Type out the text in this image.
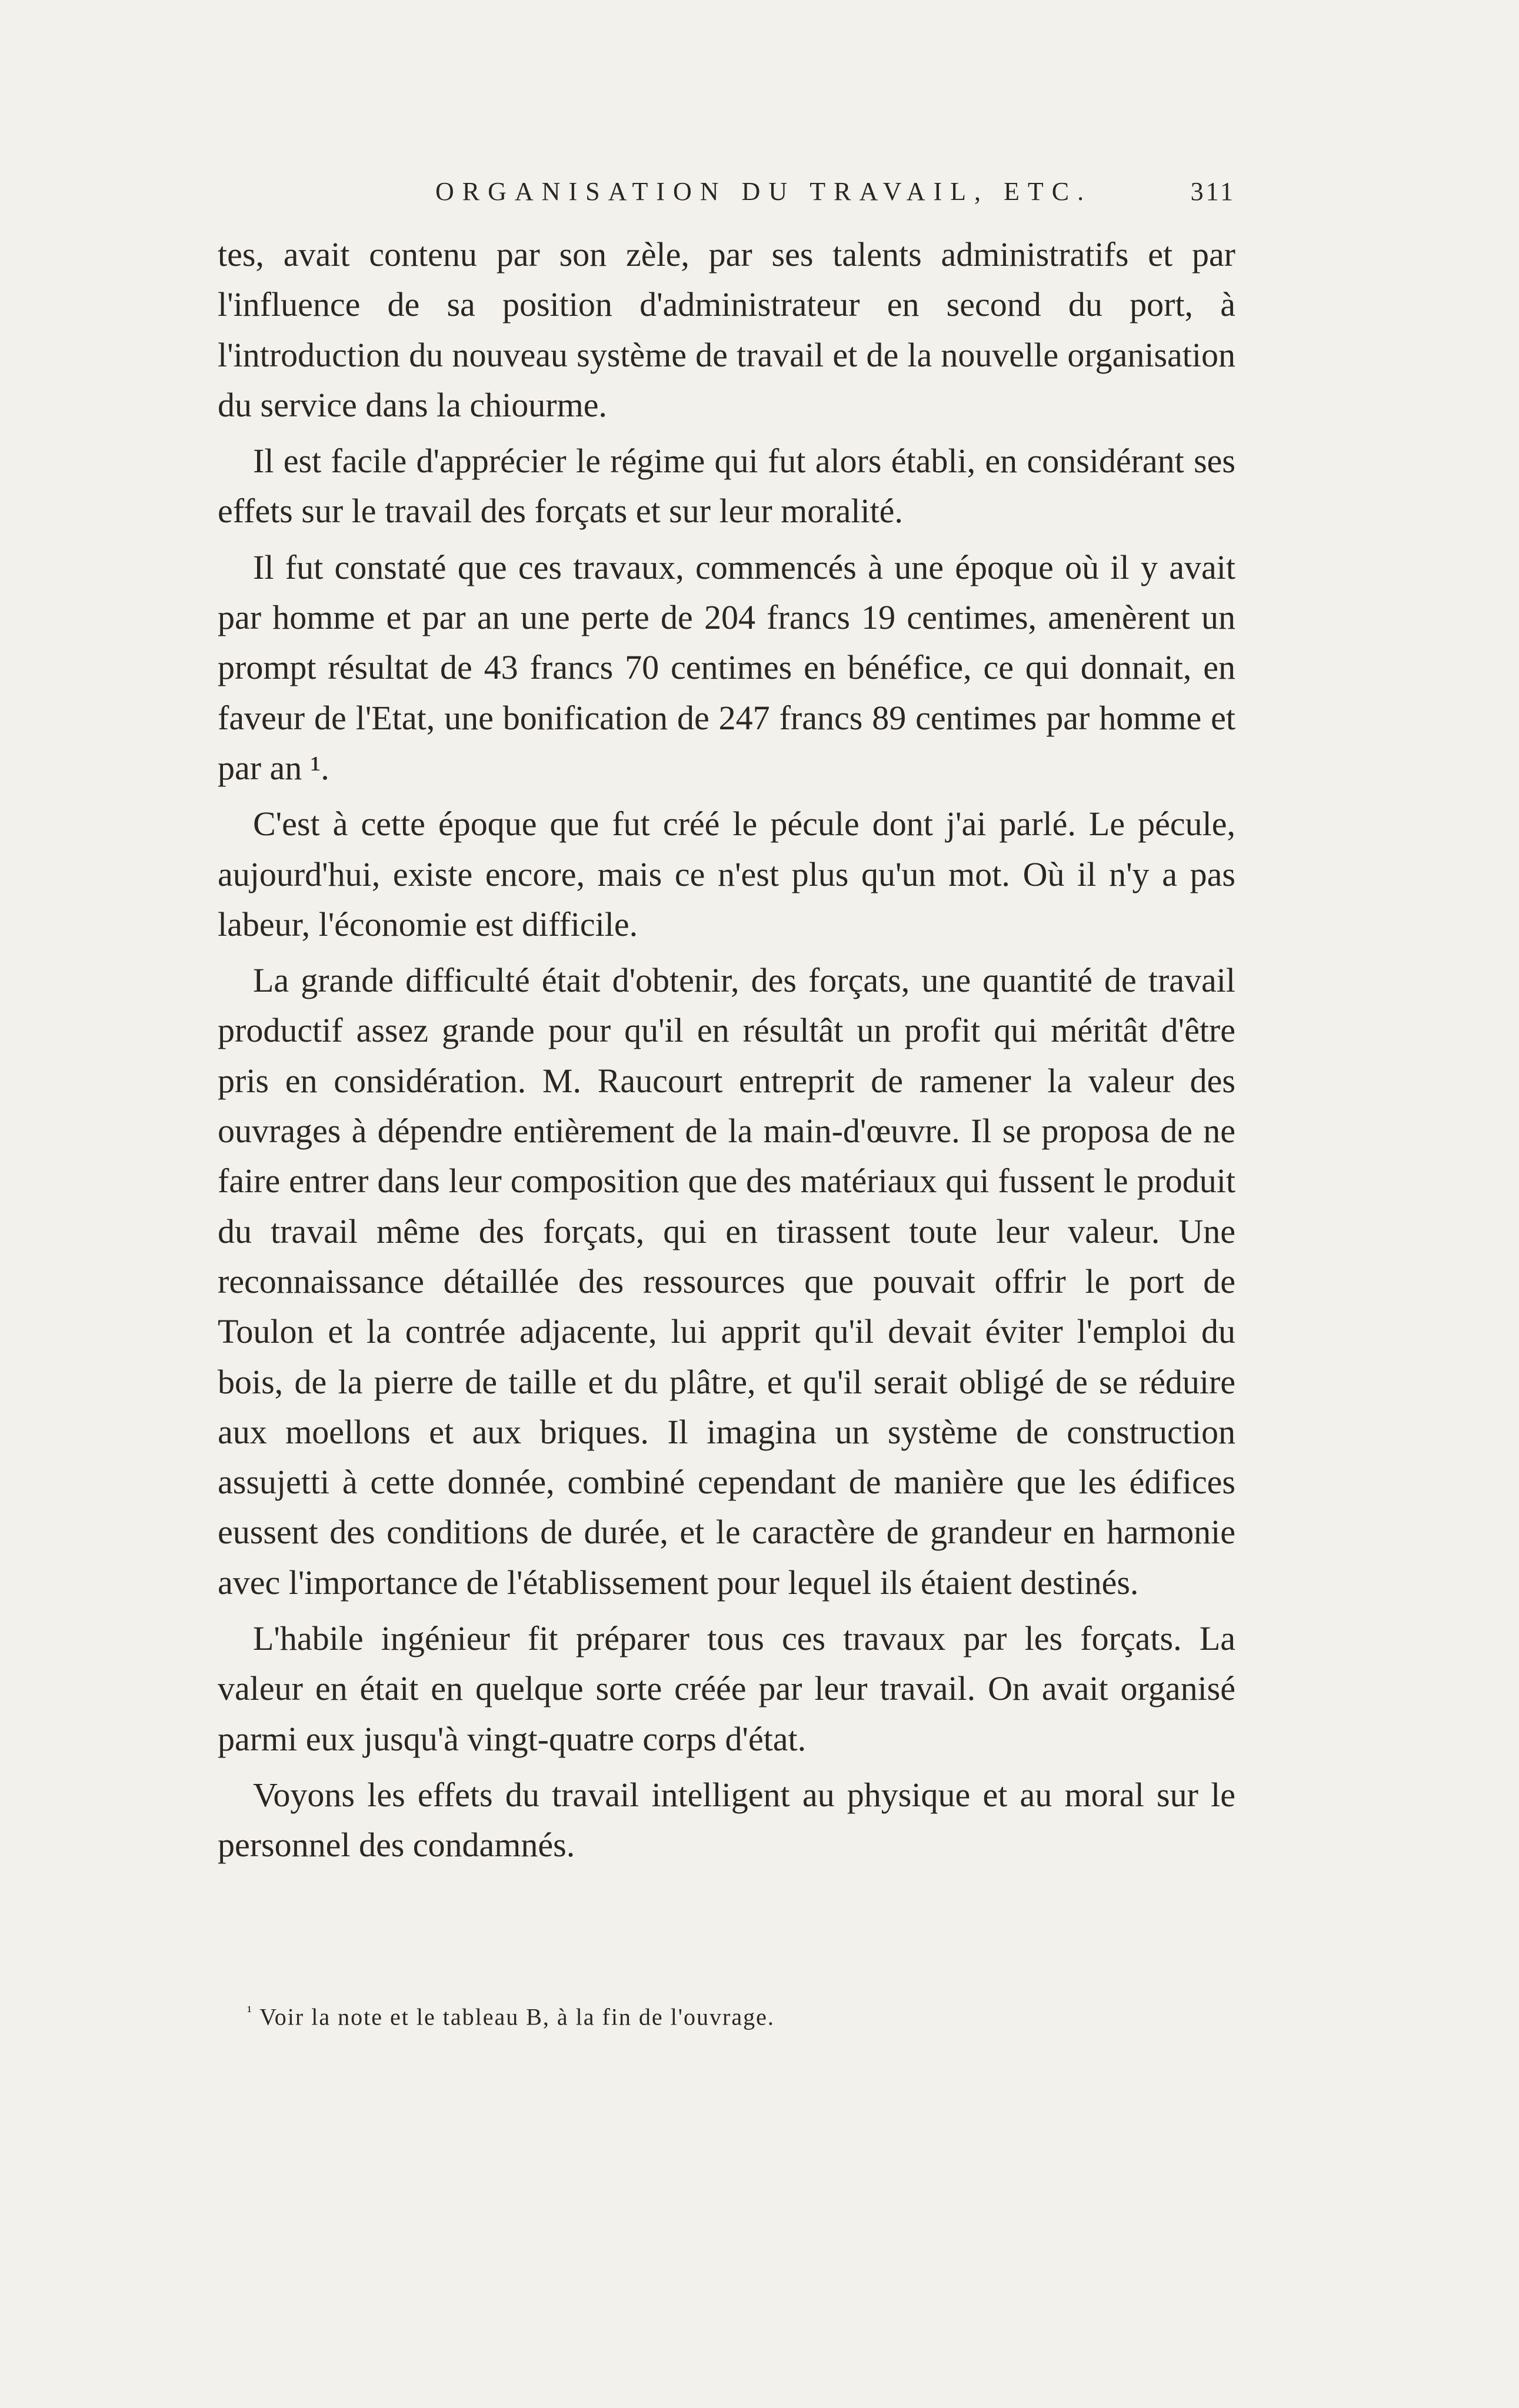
ORGANISATION DU TRAVAIL, ETC.	311

tes, avait contenu par son zèle, par ses talents administratifs et par l'influence de sa position d'administrateur en second du port, à l'introduction du nouveau système de travail et de la nouvelle organisation du service dans la chiourme.

Il est facile d'apprécier le régime qui fut alors établi, en considérant ses effets sur le travail des forçats et sur leur moralité.

Il fut constaté que ces travaux, commencés à une époque où il y avait par homme et par an une perte de 204 francs 19 centimes, amenèrent un prompt résultat de 43 francs 70 centimes en bénéfice, ce qui donnait, en faveur de l'Etat, une bonification de 247 francs 89 centimes par homme et par an ¹.

C'est à cette époque que fut créé le pécule dont j'ai parlé. Le pécule, aujourd'hui, existe encore, mais ce n'est plus qu'un mot. Où il n'y a pas labeur, l'économie est difficile.

La grande difficulté était d'obtenir, des forçats, une quantité de travail productif assez grande pour qu'il en résultât un profit qui méritât d'être pris en considération. M. Raucourt entreprit de ramener la valeur des ouvrages à dépendre entièrement de la main-d'œuvre. Il se proposa de ne faire entrer dans leur composition que des matériaux qui fussent le produit du travail même des forçats, qui en tirassent toute leur valeur. Une reconnaissance détaillée des ressources que pouvait offrir le port de Toulon et la contrée adjacente, lui apprit qu'il devait éviter l'emploi du bois, de la pierre de taille et du plâtre, et qu'il serait obligé de se réduire aux moellons et aux briques. Il imagina un système de construction assujetti à cette donnée, combiné cependant de manière que les édifices eussent des conditions de durée, et le caractère de grandeur en harmonie avec l'importance de l'établissement pour lequel ils étaient destinés.

L'habile ingénieur fit préparer tous ces travaux par les forçats. La valeur en était en quelque sorte créée par leur travail. On avait organisé parmi eux jusqu'à vingt-quatre corps d'état.

Voyons les effets du travail intelligent au physique et au moral sur le personnel des condamnés.

$^{^1}$ Voir la note et le tableau B, à la fin de l'ouvrage.
